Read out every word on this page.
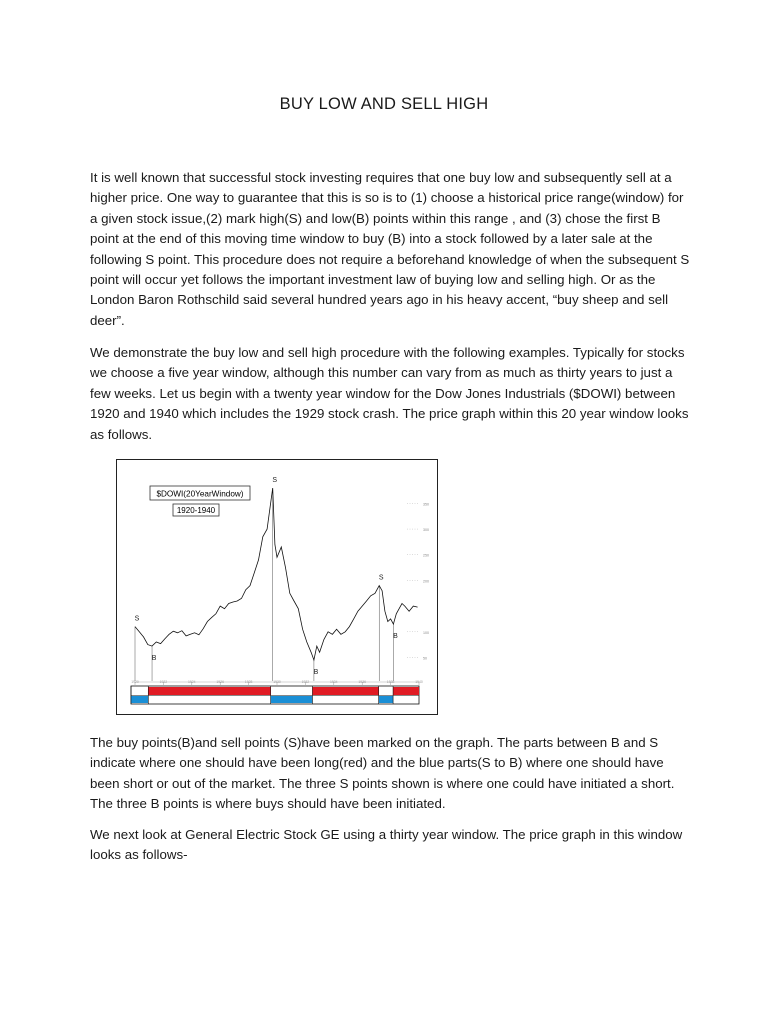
BUY LOW AND SELL HIGH

It is well known that successful stock investing requires that one buy low and subsequently sell at a higher price. One way to guarantee that this is so is to (1) choose a historical price range(window) for a given stock issue,(2) mark high(S) and low(B) points within this range , and (3) chose the first B point at the end of this moving time window to buy (B) into a stock followed by a later sale at the following S point. This procedure does not require a beforehand knowledge of when the subsequent S point will occur yet follows the important investment law of buying low and selling high. Or as the London Baron Rothschild said several hundred years ago in his heavy accent, “buy sheep and sell deer”.

We demonstrate the buy low and sell high procedure with the following examples. Typically for stocks we choose a five year window, although this number can vary from as much as thirty years to just a few weeks. Let us begin with a twenty year window for the Dow Jones Industrials ($DOWI) between 1920 and 1940 which includes the 1929 stock crash. The price graph within this 20 year window looks as follows.

$DOWI(20YearWindow)
1920-1940
50
100
200
250
300
350
S
B
S
B
S
B
1920	1922	1924	1926	1928	1930	1932	1934	1936	1938	1940

The buy points(B)and sell points (S)have been marked on the graph. The parts between B and S indicate where one should have been long(red) and the blue parts(S to B) where one should have been short or out of the market. The three S points shown is where one could have initiated a short. The three B points is where buys should have been initiated.

We next look at General Electric Stock GE using a thirty year window. The price graph in this window looks as follows-
